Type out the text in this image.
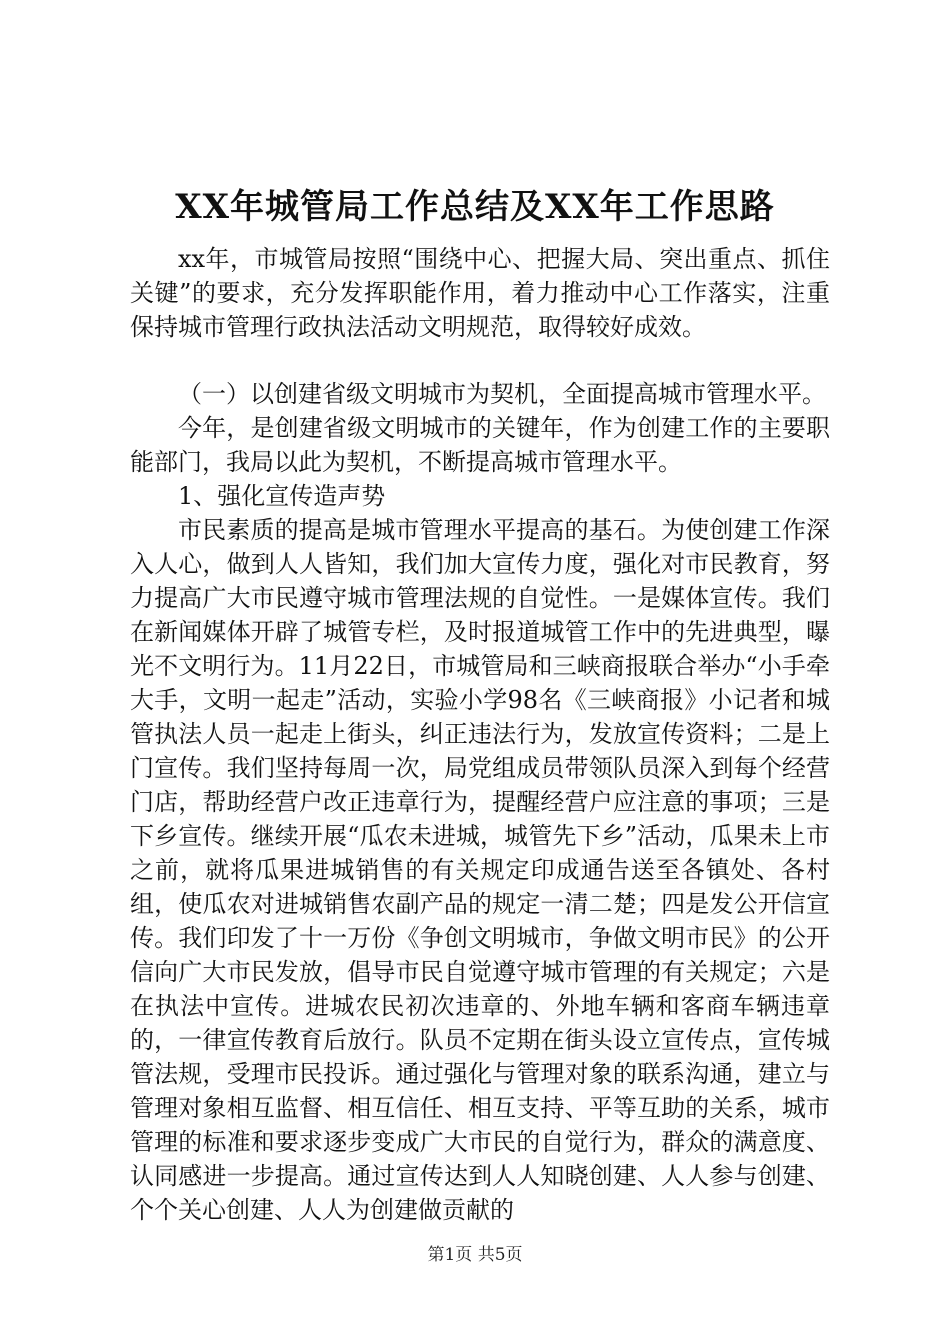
XX年城管局工作总结及XX年工作思路

xx年，市城管局按照“围绕中心、把握大局、突出重点、抓住关键”的要求，充分发挥职能作用，着力推动中心工作落实，注重保持城市管理行政执法活动文明规范，取得较好成效。

（一）以创建省级文明城市为契机，全面提高城市管理水平。

今年，是创建省级文明城市的关键年，作为创建工作的主要职能部门，我局以此为契机，不断提高城市管理水平。

1、强化宣传造声势

市民素质的提高是城市管理水平提高的基石。为使创建工作深入人心，做到人人皆知，我们加大宣传力度，强化对市民教育，努力提高广大市民遵守城市管理法规的自觉性。一是媒体宣传。我们在新闻媒体开辟了城管专栏，及时报道城管工作中的先进典型，曝光不文明行为。11月22日，市城管局和三峡商报联合举办“小手牵大手，文明一起走”活动，实验小学98名《三峡商报》小记者和城管执法人员一起走上街头，纠正违法行为，发放宣传资料；二是上门宣传。我们坚持每周一次，局党组成员带领队员深入到每个经营门店，帮助经营户改正违章行为，提醒经营户应注意的事项；三是下乡宣传。继续开展“瓜农未进城，城管先下乡”活动，瓜果未上市之前，就将瓜果进城销售的有关规定印成通告送至各镇处、各村组，使瓜农对进城销售农副产品的规定一清二楚；四是发公开信宣传。我们印发了十一万份《争创文明城市，争做文明市民》的公开信向广大市民发放，倡导市民自觉遵守城市管理的有关规定；六是在执法中宣传。进城农民初次违章的、外地车辆和客商车辆违章的，一律宣传教育后放行。队员不定期在街头设立宣传点，宣传城管法规，受理市民投诉。通过强化与管理对象的联系沟通，建立与管理对象相互监督、相互信任、相互支持、平等互助的关系，城市管理的标准和要求逐步变成广大市民的自觉行为，群众的满意度、认同感进一步提高。通过宣传达到人人知晓创建、人人参与创建、个个关心创建、人人为创建做贡献的

第1页 共5页
